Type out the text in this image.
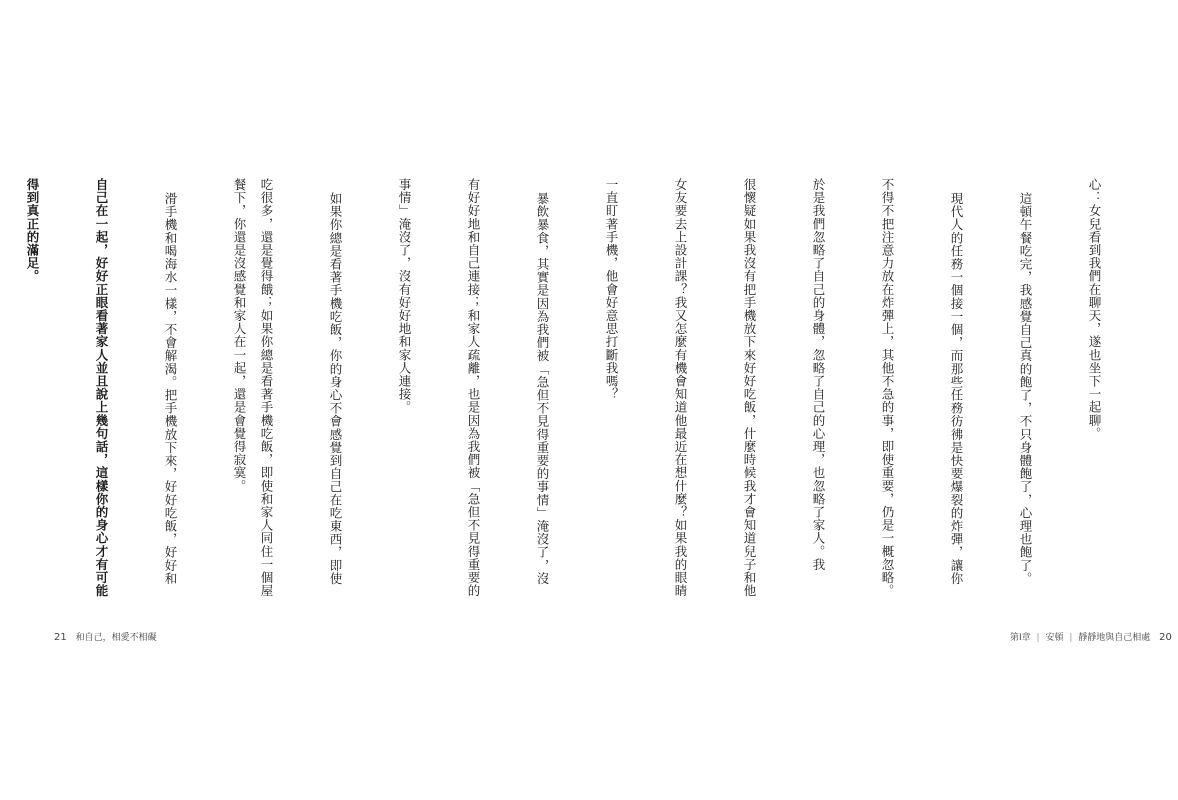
餐下，你還是沒感覺和家人在一起，還是會覺得寂寞。

滑手機和喝海水一樣，不會解渴。把手機放下來，好好吃飯，好好和

自己在一起，好好正眼看著家人並且說上幾句話，這樣你的身心才有可能

得到真正的滿足。

21 和自己，相愛不相礙

心：女兒看到我們在聊天，遂也坐下一起聊。

這頓午餐吃完，我感覺自己真的飽了，不只身體飽了，心理也飽了。

現代人的任務一個接一個，而那些任務彷彿是快要爆裂的炸彈，讓你

不得不把注意力放在炸彈上，其他不急的事，即使重要，仍是一概忽略。

於是我們忽略了自己的身體，忽略了自己的心理，也忽略了家人。我

很懷疑如果我沒有把手機放下來好好吃飯，什麼時候我才會知道兒子和他

女友要去上設計課？我又怎麼有機會知道他最近在想什麼？如果我的眼睛

一直盯著手機，他會好意思打斷我嗎？

暴飲暴食，其實是因為我們被「急但不見得重要的事情」淹沒了，沒

有好好地和自己連接；和家人疏離，也是因為我們被「急但不見得重要的

事情」淹沒了，沒有好好地和家人連接。

如果你總是看著手機吃飯，你的身心不會感覺到自己在吃東西，即使

吃很多，還是覺得餓；如果你總是看著手機吃飯，即使和家人同住一個屋

第Ⅰ章 | 安頓 | 靜靜地與自己相處 20
